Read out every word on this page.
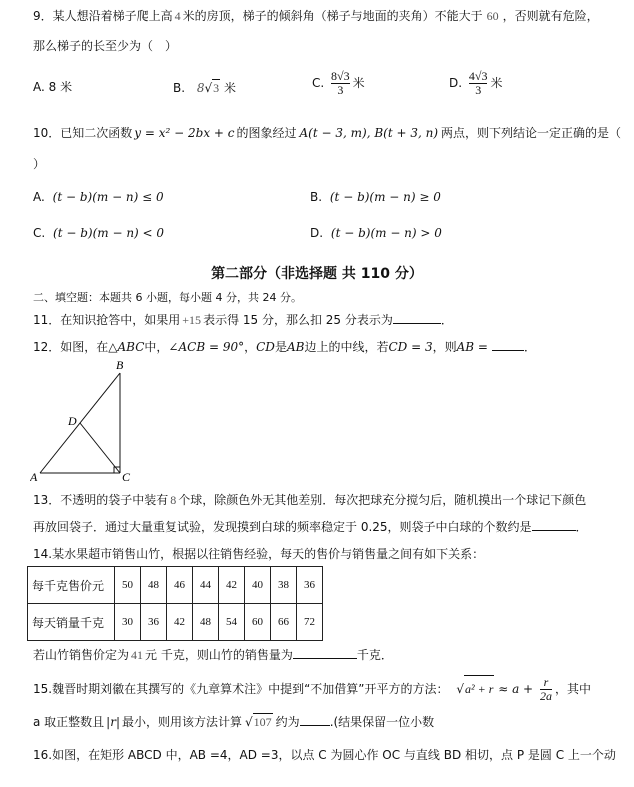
9．某人想沿着梯子爬上高 4 米的房顶，梯子的倾斜角（梯子与地面的夹角）不能大于 60 ，否则就有危险，
那么梯子的长至少为（　）
A. 8 米	B. 8√3 米	C. $\frac{8√3}{3}$ 米	D. $\frac{4√3}{3}$ 米
10．已知二次函数 y = x² − 2bx + c 的图象经过 A(t − 3, m), B(t + 3, n) 两点，则下列结论一定正确的是（
）
A. (t − b)(m − n) ≤ 0	B. (t − b)(m − n) ≥ 0
C. (t − b)(m − n) < 0	D. (t − b)(m − n) > 0
第二部分（非选择题 共 110 分）
二、填空题：本题共 6 小题，每小题 4 分，共 24 分。
11．在知识抢答中，如果用 +15 表示得 15 分，那么扣 25 分表示为	．
12．如图，在△ABC中，∠ACB = 90°，CD是AB边上的中线，若CD = 3，则AB =	．
B
D
A	C
13．不透明的袋子中装有 8 个球，除颜色外无其他差别．每次把球充分搅匀后，随机摸出一个球记下颜色
再放回袋子．通过大量重复试验，发现摸到白球的频率稳定于 0.25，则袋子中白球的个数约是	．
14.某水果超市销售山竹，根据以往销售经验，每天的售价与销售量之间有如下关系：
每千克售价元	50	48	46	44	42	40	38	36
每天销量千克	30	36	42	48	54	60	66	72
若山竹销售价定为 41 元 千克，则山竹的销售量为	千克．
15.魏晋时期刘徽在其撰写的《九章算术注》中提到“不加借算”开平方的方法： $√a^2 + r \approx a + \frac{r}{2a}$ ，其中
a 取正整数且 |r| 最小，则用该方法计算 √107 约为	.(结果保留一位小数
16.如图，在矩形 ABCD 中，AB =4，AD =3，以点 C 为圆心作 OC 与直线 BD 相切，点 P 是圆 C 上一个动
